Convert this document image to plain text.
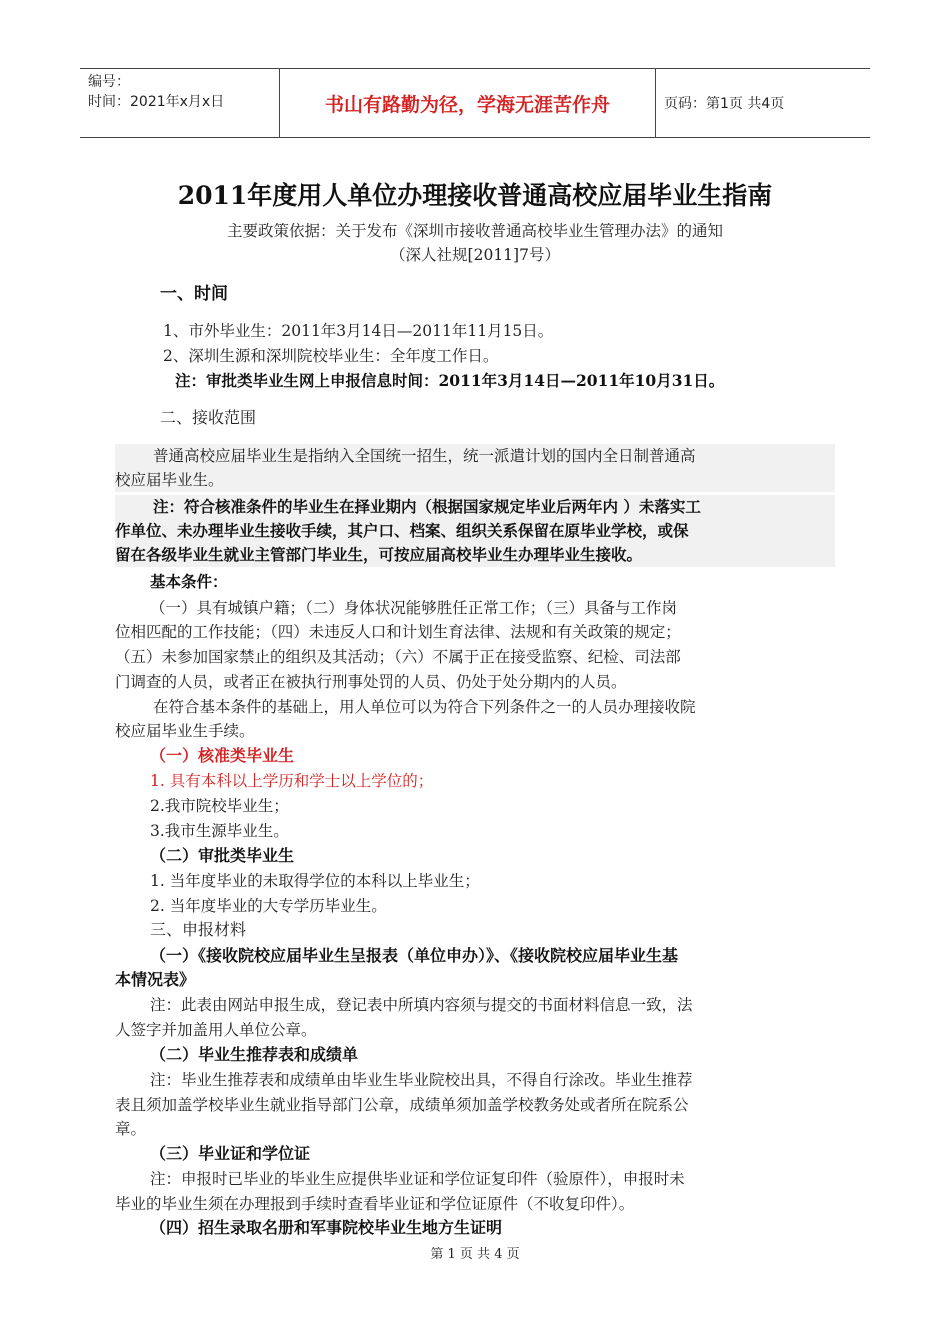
编号：
时间：2021年x月x日	书山有路勤为径，学海无涯苦作舟	页码：第1页 共4页
2011年度用人单位办理接收普通高校应届毕业生指南
主要政策依据：关于发布《深圳市接收普通高校毕业生管理办法》的通知
（深人社规[2011]7号）
一、时间
1、市外毕业生：2011年3月14日—2011年11月15日。
2、深圳生源和深圳院校毕业生：全年度工作日。
注：审批类毕业生网上申报信息时间：2011年3月14日—2011年10月31日。
二、接收范围
普通高校应届毕业生是指纳入全国统一招生，统一派遣计划的国内全日制普通高
校应届毕业生。
注：符合核准条件的毕业生在择业期内（根据国家规定毕业后两年内 ）未落实工
作单位、未办理毕业生接收手续，其户口、档案、组织关系保留在原毕业学校，或保
留在各级毕业生就业主管部门毕业生，可按应届高校毕业生办理毕业生接收。
基本条件：
（一）具有城镇户籍；（二）身体状况能够胜任正常工作；（三）具备与工作岗
位相匹配的工作技能；（四）未违反人口和计划生育法律、法规和有关政策的规定；
（五）未参加国家禁止的组织及其活动；（六）不属于正在接受监察、纪检、司法部
门调查的人员，或者正在被执行刑事处罚的人员、仍处于处分期内的人员。
在符合基本条件的基础上，用人单位可以为符合下列条件之一的人员办理接收院
校应届毕业生手续。
（一）核准类毕业生
1. 具有本科以上学历和学士以上学位的；
2.我市院校毕业生；
3.我市生源毕业生。
（二）审批类毕业生
1. 当年度毕业的未取得学位的本科以上毕业生；
2. 当年度毕业的大专学历毕业生。
三、申报材料
（一）《接收院校应届毕业生呈报表（单位申办）》、《接收院校应届毕业生基
本情况表》
注：此表由网站申报生成，登记表中所填内容须与提交的书面材料信息一致，法
人签字并加盖用人单位公章。
（二）毕业生推荐表和成绩单
注：毕业生推荐表和成绩单由毕业生毕业院校出具，不得自行涂改。毕业生推荐
表且须加盖学校毕业生就业指导部门公章，成绩单须加盖学校教务处或者所在院系公
章。
（三）毕业证和学位证
注：申报时已毕业的毕业生应提供毕业证和学位证复印件（验原件），申报时未
毕业的毕业生须在办理报到手续时查看毕业证和学位证原件（不收复印件）。
（四）招生录取名册和军事院校毕业生地方生证明
第 1 页 共 4 页
